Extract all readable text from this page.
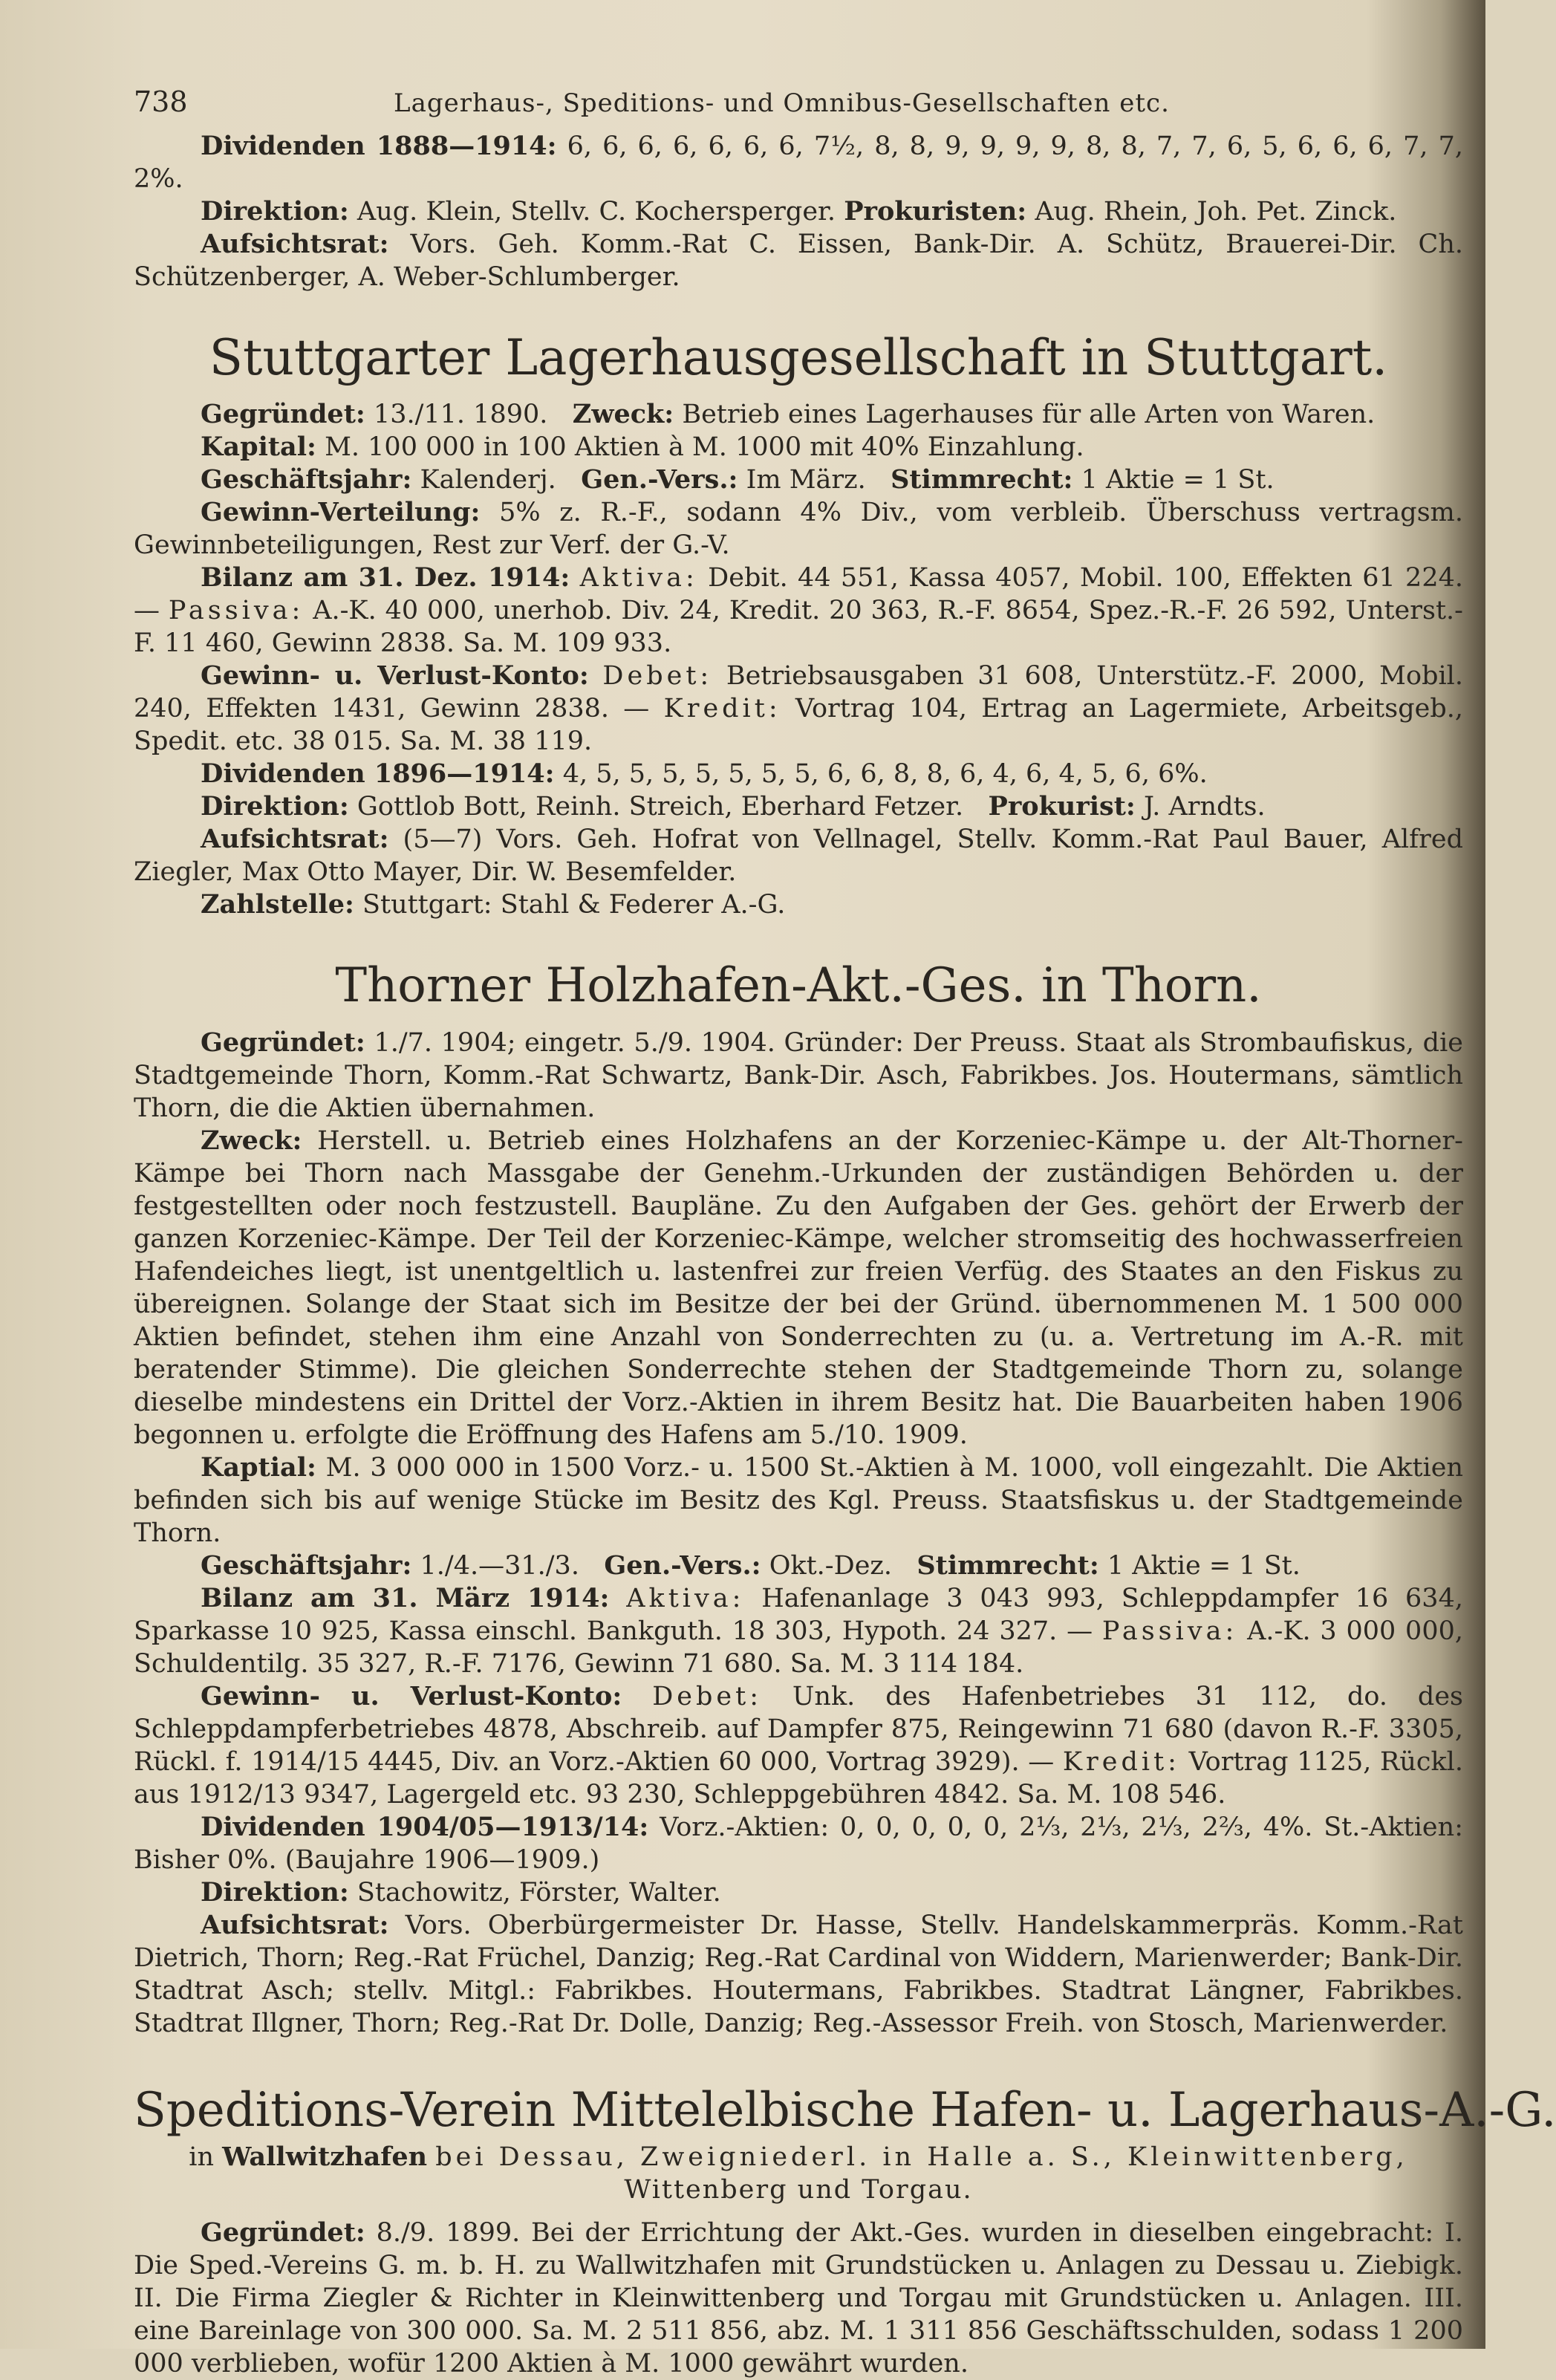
738	Lagerhaus-, Speditions- und Omnibus-Gesellschaften etc.

Dividenden 1888—1914: 6, 6, 6, 6, 6, 6, 6, 7½, 8, 8, 9, 9, 9, 9, 8, 8, 7, 7, 6, 5, 6, 6, 6, 7, 7, 2%.

Direktion: Aug. Klein, Stellv. C. Kochersperger. Prokuristen: Aug. Rhein, Joh. Pet. Zinck.

Aufsichtsrat: Vors. Geh. Komm.-Rat C. Eissen, Bank-Dir. A. Schütz, Brauerei-Dir. Ch. Schützenberger, A. Weber-Schlumberger.

Stuttgarter Lagerhausgesellschaft in Stuttgart.

Gegründet: 13./11. 1890. Zweck: Betrieb eines Lagerhauses für alle Arten von Waren.

Kapital: M. 100 000 in 100 Aktien à M. 1000 mit 40% Einzahlung.

Geschäftsjahr: Kalenderj. Gen.-Vers.: Im März. Stimmrecht: 1 Aktie = 1 St.

Gewinn-Verteilung: 5% z. R.-F., sodann 4% Div., vom verbleib. Überschuss vertragsm. Gewinnbeteiligungen, Rest zur Verf. der G.-V.

Bilanz am 31. Dez. 1914: Aktiva: Debit. 44 551, Kassa 4057, Mobil. 100, Effekten 61 224. — Passiva: A.-K. 40 000, unerhob. Div. 24, Kredit. 20 363, R.-F. 8654, Spez.-R.-F. 26 592, Unterst.-F. 11 460, Gewinn 2838. Sa. M. 109 933.

Gewinn- u. Verlust-Konto: Debet: Betriebsausgaben 31 608, Unterstütz.-F. 2000, Mobil. 240, Effekten 1431, Gewinn 2838. — Kredit: Vortrag 104, Ertrag an Lagermiete, Arbeitsgeb., Spedit. etc. 38 015. Sa. M. 38 119.

Dividenden 1896—1914: 4, 5, 5, 5, 5, 5, 5, 5, 6, 6, 8, 8, 6, 4, 6, 4, 5, 6, 6%.

Direktion: Gottlob Bott, Reinh. Streich, Eberhard Fetzer. Prokurist: J. Arndts.

Aufsichtsrat: (5—7) Vors. Geh. Hofrat von Vellnagel, Stellv. Komm.-Rat Paul Bauer, Alfred Ziegler, Max Otto Mayer, Dir. W. Besemfelder.

Zahlstelle: Stuttgart: Stahl & Federer A.-G.

Thorner Holzhafen-Akt.-Ges. in Thorn.

Gegründet: 1./7. 1904; eingetr. 5./9. 1904. Gründer: Der Preuss. Staat als Strombaufiskus, die Stadtgemeinde Thorn, Komm.-Rat Schwartz, Bank-Dir. Asch, Fabrikbes. Jos. Houtermans, sämtlich Thorn, die die Aktien übernahmen.

Zweck: Herstell. u. Betrieb eines Holzhafens an der Korzeniec-Kämpe u. der Alt-Thorner-Kämpe bei Thorn nach Massgabe der Genehm.-Urkunden der zuständigen Behörden u. der festgestellten oder noch festzustell. Baupläne. Zu den Aufgaben der Ges. gehört der Erwerb der ganzen Korzeniec-Kämpe. Der Teil der Korzeniec-Kämpe, welcher stromseitig des hochwasserfreien Hafendeiches liegt, ist unentgeltlich u. lastenfrei zur freien Verfüg. des Staates an den Fiskus zu übereignen. Solange der Staat sich im Besitze der bei der Gründ. übernommenen M. 1 500 000 Aktien befindet, stehen ihm eine Anzahl von Sonderrechten zu (u. a. Vertretung im A.-R. mit beratender Stimme). Die gleichen Sonderrechte stehen der Stadtgemeinde Thorn zu, solange dieselbe mindestens ein Drittel der Vorz.-Aktien in ihrem Besitz hat. Die Bauarbeiten haben 1906 begonnen u. erfolgte die Eröffnung des Hafens am 5./10. 1909.

Kaptial: M. 3 000 000 in 1500 Vorz.- u. 1500 St.-Aktien à M. 1000, voll eingezahlt. Die Aktien befinden sich bis auf wenige Stücke im Besitz des Kgl. Preuss. Staatsfiskus u. der Stadtgemeinde Thorn.

Geschäftsjahr: 1./4.—31./3. Gen.-Vers.: Okt.-Dez. Stimmrecht: 1 Aktie = 1 St.

Bilanz am 31. März 1914: Aktiva: Hafenanlage 3 043 993, Schleppdampfer 16 634, Sparkasse 10 925, Kassa einschl. Bankguth. 18 303, Hypoth. 24 327. — Passiva: A.-K. 3 000 000, Schuldentilg. 35 327, R.-F. 7176, Gewinn 71 680. Sa. M. 3 114 184.

Gewinn- u. Verlust-Konto: Debet: Unk. des Hafenbetriebes 31 112, do. des Schleppdampferbetriebes 4878, Abschreib. auf Dampfer 875, Reingewinn 71 680 (davon R.-F. 3305, Rückl. f. 1914/15 4445, Div. an Vorz.-Aktien 60 000, Vortrag 3929). — Kredit: Vortrag 1125, Rückl. aus 1912/13 9347, Lagergeld etc. 93 230, Schleppgebühren 4842. Sa. M. 108 546.

Dividenden 1904/05—1913/14: Vorz.-Aktien: 0, 0, 0, 0, 0, 2⅓, 2⅓, 2⅓, 2⅔, 4%. St.-Aktien: Bisher 0%. (Baujahre 1906—1909.)

Direktion: Stachowitz, Förster, Walter.

Aufsichtsrat: Vors. Oberbürgermeister Dr. Hasse, Stellv. Handelskammerpräs. Komm.-Rat Dietrich, Thorn; Reg.-Rat Früchel, Danzig; Reg.-Rat Cardinal von Widdern, Marienwerder; Bank-Dir. Stadtrat Asch; stellv. Mitgl.: Fabrikbes. Houtermans, Fabrikbes. Stadtrat Längner, Fabrikbes. Stadtrat Illgner, Thorn; Reg.-Rat Dr. Dolle, Danzig; Reg.-Assessor Freih. von Stosch, Marienwerder.

Speditions-Verein Mittelelbische Hafen- u. Lagerhaus-A.-G.
in Wallwitzhafen bei Dessau, Zweigniederl. in Halle a. S., Kleinwittenberg,
Wittenberg und Torgau.

Gegründet: 8./9. 1899. Bei der Errichtung der Akt.-Ges. wurden in dieselben eingebracht: I. Die Sped.-Vereins G. m. b. H. zu Wallwitzhafen mit Grundstücken u. Anlagen zu Dessau u. Ziebigk. II. Die Firma Ziegler & Richter in Kleinwittenberg und Torgau mit Grundstücken u. Anlagen. III. eine Bareinlage von 300 000. Sa. M. 2 511 856, abz. M. 1 311 856 Geschäftsschulden, sodass 1 200 000 verblieben, wofür 1200 Aktien à M. 1000 gewährt wurden.
